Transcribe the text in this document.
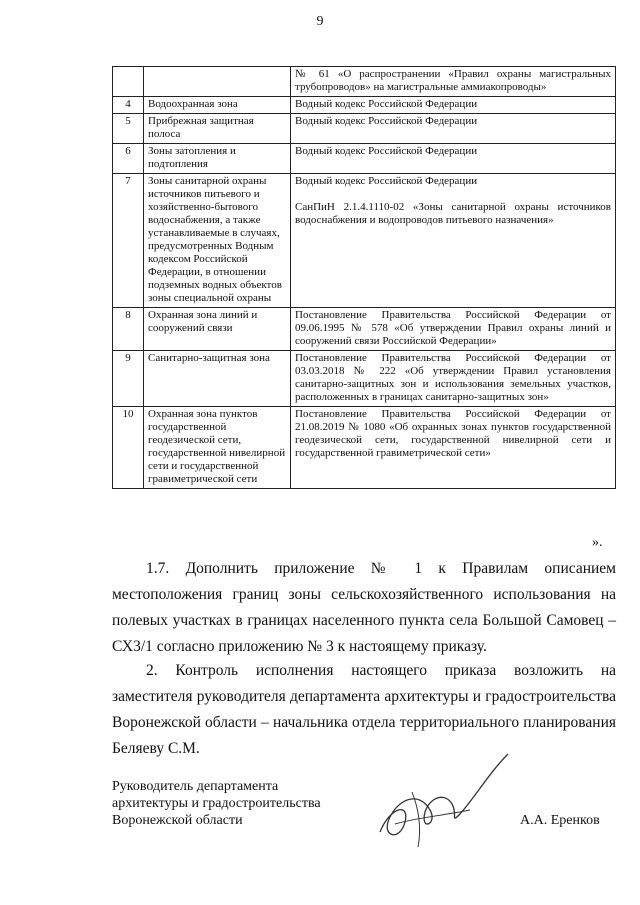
9

		№ 61 «О распространении «Правил охраны магистральных трубопроводов» на магистральные аммиакопроводы»

4	Водоохранная зона	Водный кодекс Российской Федерации

5	Прибрежная защитная полоса	Водный кодекс Российской Федерации

6	Зоны затопления и подтопления	Водный кодекс Российской Федерации

7	Зоны санитарной охраны источников питьевого и хозяйственно-бытового водоснабжения, а также устанавливаемые в случаях, предусмотренных Водным кодексом Российской Федерации, в отношении подземных водных объектов зоны специальной охраны	Водный кодекс Российской Федерации
СанПиН 2.1.4.1110-02 «Зоны санитарной охраны источников водоснабжения и водопроводов питьевого назначения»

8	Охранная зона линий и сооружений связи	Постановление Правительства Российской Федерации от 09.06.1995 № 578 «Об утверждении Правил охраны линий и сооружений связи Российской Федерации»

9	Санитарно-защитная зона	Постановление Правительства Российской Федерации от 03.03.2018 № 222 «Об утверждении Правил установления санитарно-защитных зон и использования земельных участков, расположенных в границах санитарно-защитных зон»

10	Охранная зона пунктов государственной геодезической сети, государственной нивелирной сети и государственной гравиметрической сети	Постановление Правительства Российской Федерации от 21.08.2019 № 1080 «Об охранных зонах пунктов государственной геодезической сети, государственной нивелирной сети и государственной гравиметрической сети»
».
1.7. Дополнить приложение № 1 к Правилам описанием местоположения границ зоны сельскохозяйственного использования на полевых участках в границах населенного пункта села Большой Самовец – СХ3/1 согласно приложению № 3 к настоящему приказу.
2. Контроль исполнения настоящего приказа возложить на заместителя руководителя департамента архитектуры и градостроительства Воронежской области – начальника отдела территориального планирования Беляеву С.М.
Руководитель департамента
архитектуры и градостроительства
Воронежской области	А.А. Еренков
